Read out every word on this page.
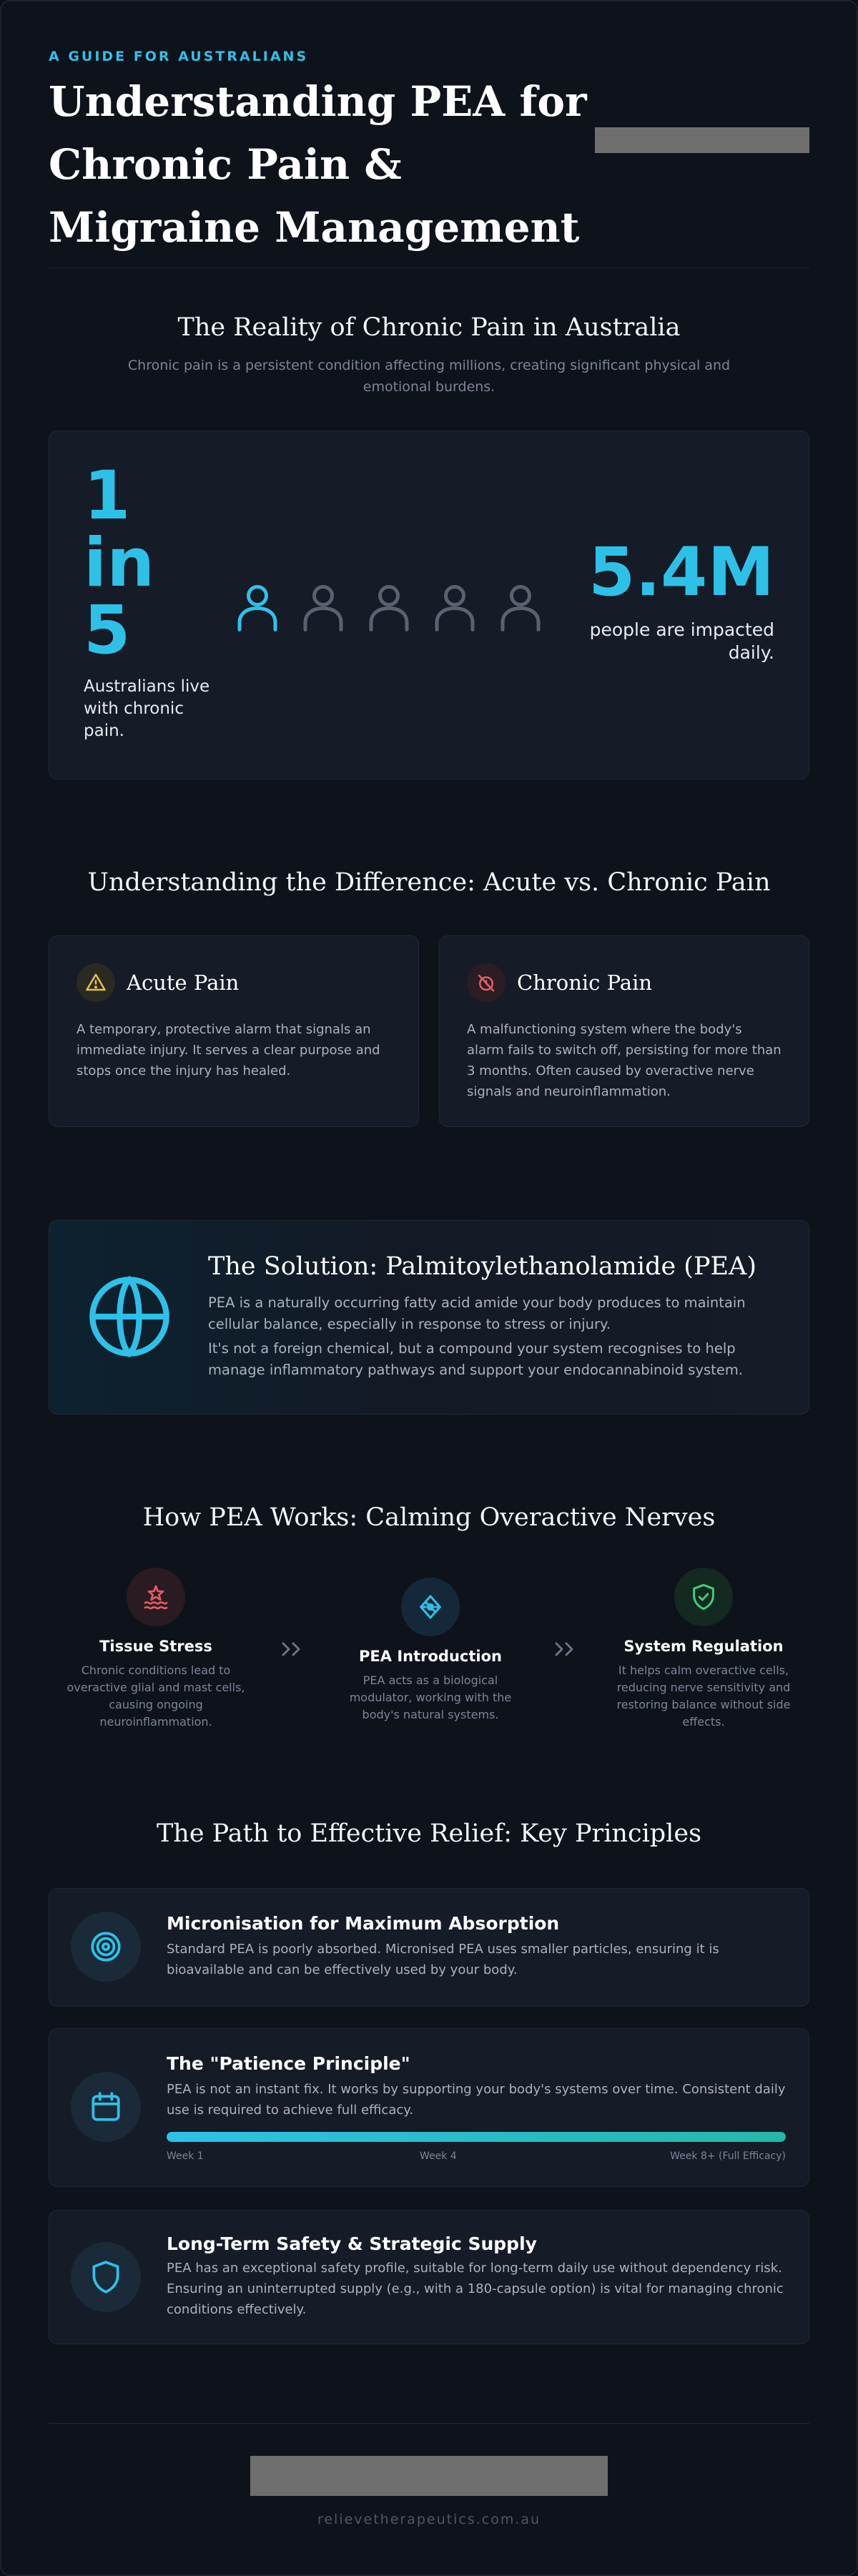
A GUIDE FOR AUSTRALIANS
Understanding PEA for Chronic Pain & Migraine Management
The Reality of Chronic Pain in Australia
Chronic pain is a persistent condition affecting millions, creating significant physical and emotional burdens.
1
in
5
Australians live with chronic pain.
5.4M
people are impacted daily.
Understanding the Difference: Acute vs. Chronic Pain
Acute Pain
A temporary, protective alarm that signals an immediate injury. It serves a clear purpose and stops once the injury has healed.
Chronic Pain
A malfunctioning system where the body's alarm fails to switch off, persisting for more than 3 months. Often caused by overactive nerve signals and neuroinflammation.
The Solution: Palmitoylethanolamide (PEA)

PEA is a naturally occurring fatty acid amide your body produces to maintain cellular balance, especially in response to stress or injury.

It's not a foreign chemical, but a compound your system recognises to help manage inflammatory pathways and support your endocannabinoid system.

How PEA Works: Calming Overactive Nerves
Tissue Stress
Chronic conditions lead to overactive glial and mast cells, causing ongoing neuroinflammation.
PEA Introduction
PEA acts as a biological modulator, working with the body's natural systems.
System Regulation
It helps calm overactive cells, reducing nerve sensitivity and restoring balance without side effects.
The Path to Effective Relief: Key Principles
Micronisation for Maximum Absorption
Standard PEA is poorly absorbed. Micronised PEA uses smaller particles, ensuring it is bioavailable and can be effectively used by your body.
The "Patience Principle"
PEA is not an instant fix. It works by supporting your body's systems over time. Consistent daily use is required to achieve full efficacy.
Week 1	Week 4	Week 8+ (Full Efficacy)
Long-Term Safety & Strategic Supply
PEA has an exceptional safety profile, suitable for long-term daily use without dependency risk. Ensuring an uninterrupted supply (e.g., with a 180-capsule option) is vital for managing chronic conditions effectively.
relievetherapeutics.com.au
